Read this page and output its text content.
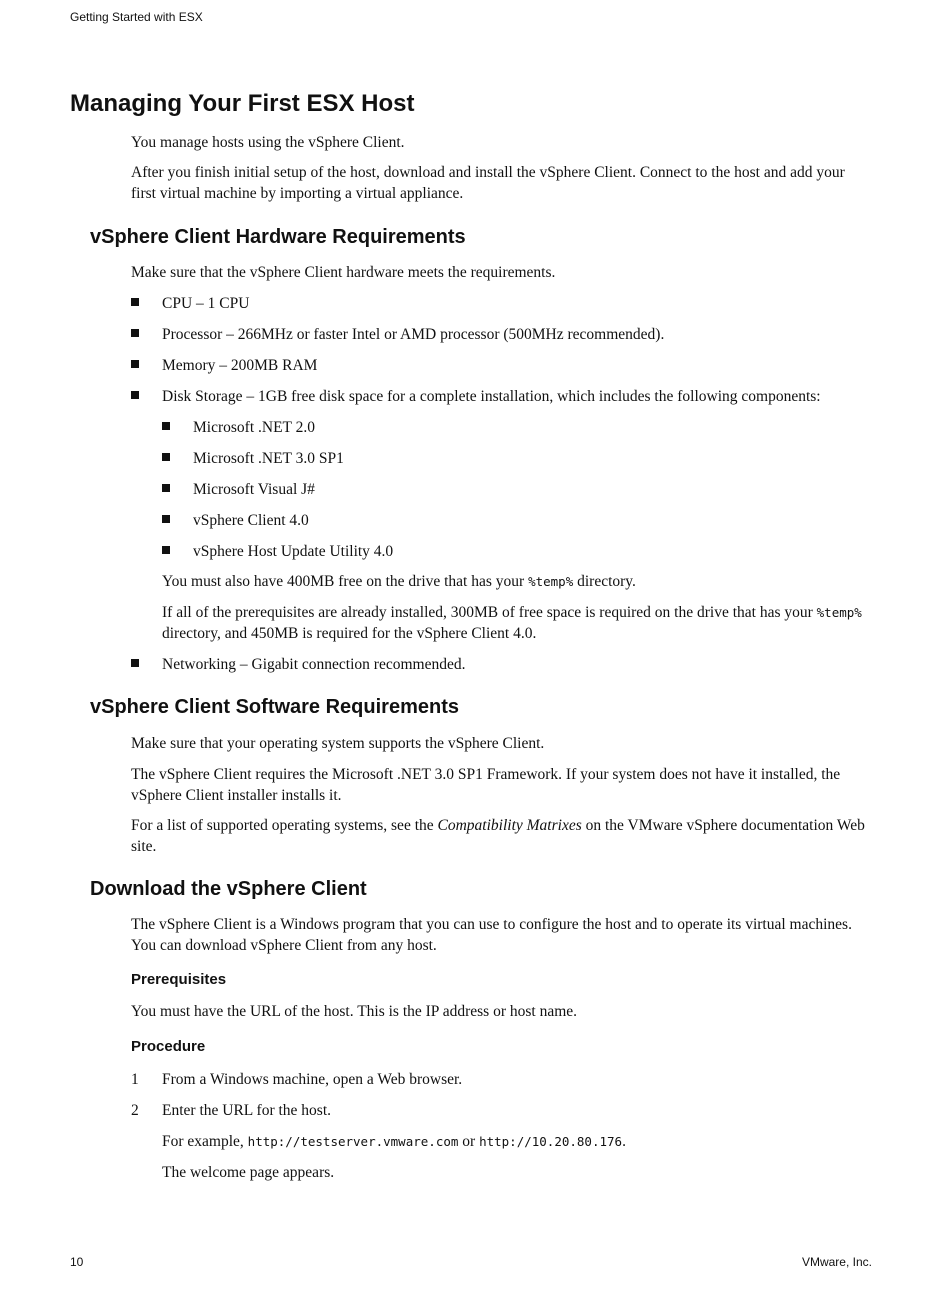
Getting Started with ESX
Managing Your First ESX Host

You manage hosts using the vSphere Client.

After you finish initial setup of the host, download and install the vSphere Client. Connect to the host and add your first virtual machine by importing a virtual appliance.

vSphere Client Hardware Requirements

Make sure that the vSphere Client hardware meets the requirements.

CPU – 1 CPU
Processor – 266MHz or faster Intel or AMD processor (500MHz recommended).
Memory – 200MB RAM
Disk Storage – 1GB free disk space for a complete installation, which includes the following components:
Microsoft .NET 2.0
Microsoft .NET 3.0 SP1
Microsoft Visual J#
vSphere Client 4.0
vSphere Host Update Utility 4.0

You must also have 400MB free on the drive that has your %temp% directory.

If all of the prerequisites are already installed, 300MB of free space is required on the drive that has your %temp% directory, and 450MB is required for the vSphere Client 4.0.

Networking – Gigabit connection recommended.
vSphere Client Software Requirements

Make sure that your operating system supports the vSphere Client.

The vSphere Client requires the Microsoft .NET 3.0 SP1 Framework. If your system does not have it installed, the vSphere Client installer installs it.

For a list of supported operating systems, see the Compatibility Matrixes on the VMware vSphere documentation Web site.

Download the vSphere Client

The vSphere Client is a Windows program that you can use to configure the host and to operate its virtual machines. You can download vSphere Client from any host.

Prerequisites

You must have the URL of the host. This is the IP address or host name.

Procedure
1 From a Windows machine, open a Web browser.
2 Enter the URL for the host.

For example, http://testserver.vmware.com or http://10.20.80.176.

The welcome page appears.

10	VMware, Inc.
